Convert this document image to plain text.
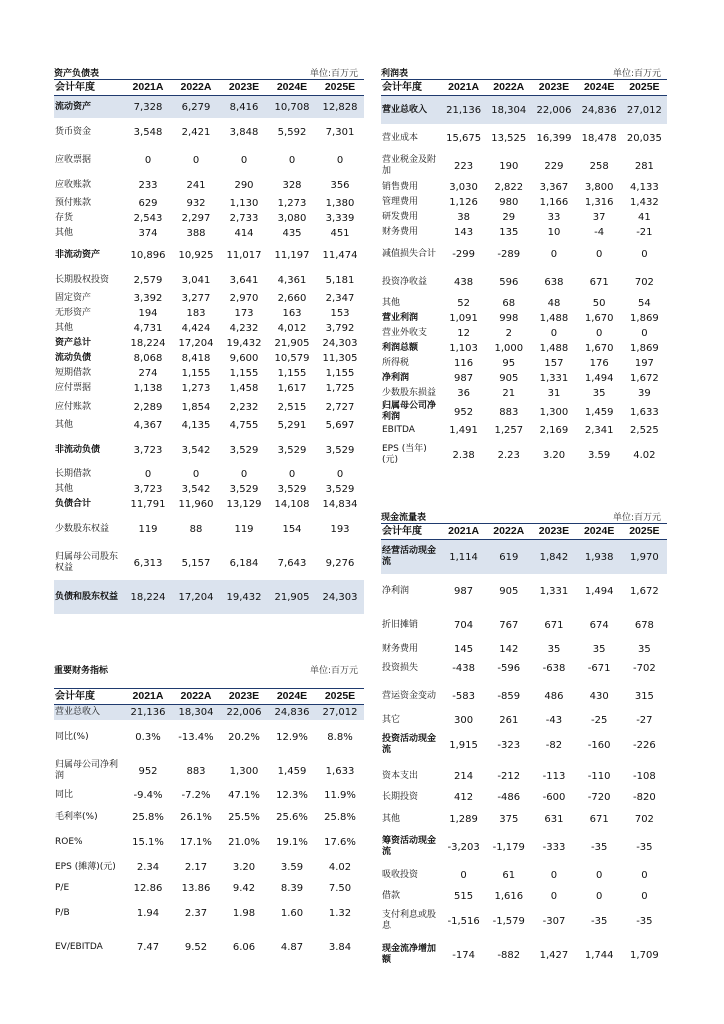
资产负债表	单位:百万元
会计年度	2021A	2022A	2023E	2024E	2025E
流动资产	7,328	6,279	8,416	10,708	12,828
货币资金	3,548	2,421	3,848	5,592	7,301
应收票据	0	0	0	0	0
应收账款	233	241	290	328	356
预付账款	629	932	1,130	1,273	1,380
存货	2,543	2,297	2,733	3,080	3,339
其他	374	388	414	435	451
非流动资产	10,896	10,925	11,017	11,197	11,474
长期股权投资	2,579	3,041	3,641	4,361	5,181
固定资产	3,392	3,277	2,970	2,660	2,347
无形资产	194	183	173	163	153
其他	4,731	4,424	4,232	4,012	3,792
资产总计	18,224	17,204	19,432	21,905	24,303
流动负债	8,068	8,418	9,600	10,579	11,305
短期借款	274	1,155	1,155	1,155	1,155
应付票据	1,138	1,273	1,458	1,617	1,725
应付账款	2,289	1,854	2,232	2,515	2,727
其他	4,367	4,135	4,755	5,291	5,697
非流动负债	3,723	3,542	3,529	3,529	3,529
长期借款	0	0	0	0	0
其他	3,723	3,542	3,529	3,529	3,529
负债合计	11,791	11,960	13,129	14,108	14,834
少数股东权益	119	88	119	154	193
归属母公司股东权益	6,313	5,157	6,184	7,643	9,276
负债和股东权益	18,224	17,204	19,432	21,905	24,303
利润表	单位:百万元
会计年度	2021A	2022A	2023E	2024E	2025E
营业总收入	21,136	18,304	22,006	24,836	27,012
营业成本	15,675	13,525	16,399	18,478	20,035
营业税金及附加	223	190	229	258	281
销售费用	3,030	2,822	3,367	3,800	4,133
管理费用	1,126	980	1,166	1,316	1,432
研发费用	38	29	33	37	41
财务费用	143	135	10	-4	-21
减值损失合计	-299	-289	0	0	0
投资净收益	438	596	638	671	702
其他	52	68	48	50	54
营业利润	1,091	998	1,488	1,670	1,869
营业外收支	12	2	0	0	0
利润总额	1,103	1,000	1,488	1,670	1,869
所得税	116	95	157	176	197
净利润	987	905	1,331	1,494	1,672
少数股东损益	36	21	31	35	39
归属母公司净利润	952	883	1,300	1,459	1,633
EBITDA	1,491	1,257	2,169	2,341	2,525
EPS (当年)(元)	2.38	2.23	3.20	3.59	4.02
现金流量表	单位:百万元
会计年度	2021A	2022A	2023E	2024E	2025E
经营活动现金流	1,114	619	1,842	1,938	1,970
净利润	987	905	1,331	1,494	1,672
折旧摊销	704	767	671	674	678
财务费用	145	142	35	35	35
投资损失	-438	-596	-638	-671	-702
营运资金变动	-583	-859	486	430	315
其它	300	261	-43	-25	-27
投资活动现金流	1,915	-323	-82	-160	-226
资本支出	214	-212	-113	-110	-108
长期投资	412	-486	-600	-720	-820
其他	1,289	375	631	671	702
筹资活动现金流	-3,203	-1,179	-333	-35	-35
吸收投资	0	61	0	0	0
借款	515	1,616	0	0	0
支付利息或股息	-1,516	-1,579	-307	-35	-35
现金流净增加额	-174	-882	1,427	1,744	1,709
重要财务指标	单位:百万元
会计年度	2021A	2022A	2023E	2024E	2025E
营业总收入	21,136	18,304	22,006	24,836	27,012
同比(%)	0.3%	-13.4%	20.2%	12.9%	8.8%
归属母公司净利润	952	883	1,300	1,459	1,633
同比	-9.4%	-7.2%	47.1%	12.3%	11.9%
毛利率(%)	25.8%	26.1%	25.5%	25.6%	25.8%
ROE%	15.1%	17.1%	21.0%	19.1%	17.6%
EPS (摊薄)(元)	2.34	2.17	3.20	3.59	4.02
P/E	12.86	13.86	9.42	8.39	7.50
P/B	1.94	2.37	1.98	1.60	1.32
EV/EBITDA	7.47	9.52	6.06	4.87	3.84
